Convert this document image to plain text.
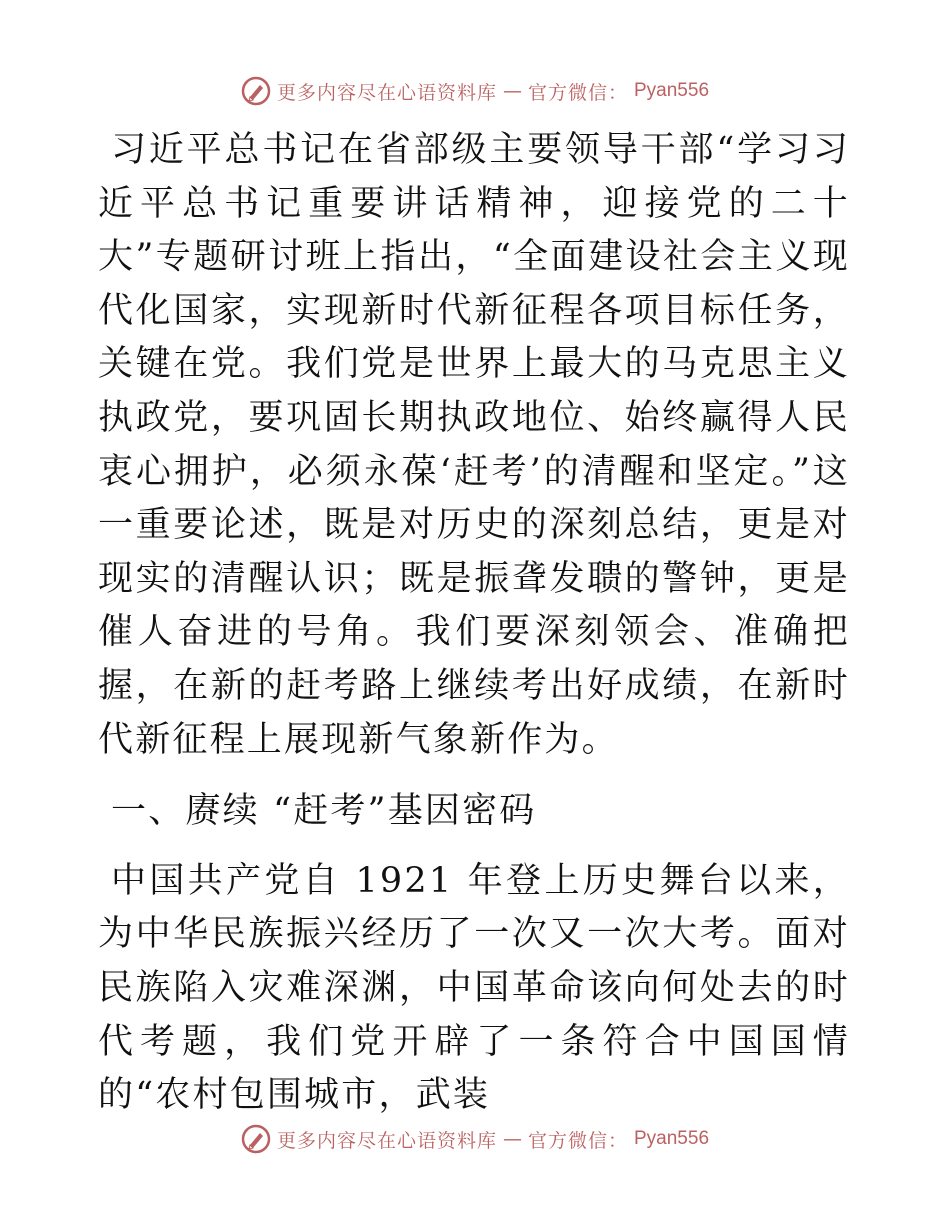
更多内容尽在心语资料库 — 官方微信： Pyan556

习近平总书记在省部级主要领导干部“学习习近平总书记重要讲话精神，迎接党的二十大”专题研讨班上指出，“全面建设社会主义现代化国家，实现新时代新征程各项目标任务，关键在党。我们党是世界上最大的马克思主义执政党，要巩固长期执政地位、始终赢得人民衷心拥护，必须永葆‘赶考’的清醒和坚定。”这一重要论述，既是对历史的深刻总结，更是对现实的清醒认识；既是振聋发聩的警钟，更是催人奋进的号角。我们要深刻领会、准确把握，在新的赶考路上继续考出好成绩，在新时代新征程上展现新气象新作为。

一、赓续 “赶考”基因密码

中国共产党自 1921 年登上历史舞台以来，为中华民族振兴经历了一次又一次大考。面对民族陷入灾难深渊，中国革命该向何处去的时代考题，我们党开辟了一条符合中国国情的“农村包围城市，武装

更多内容尽在心语资料库 — 官方微信： Pyan556
